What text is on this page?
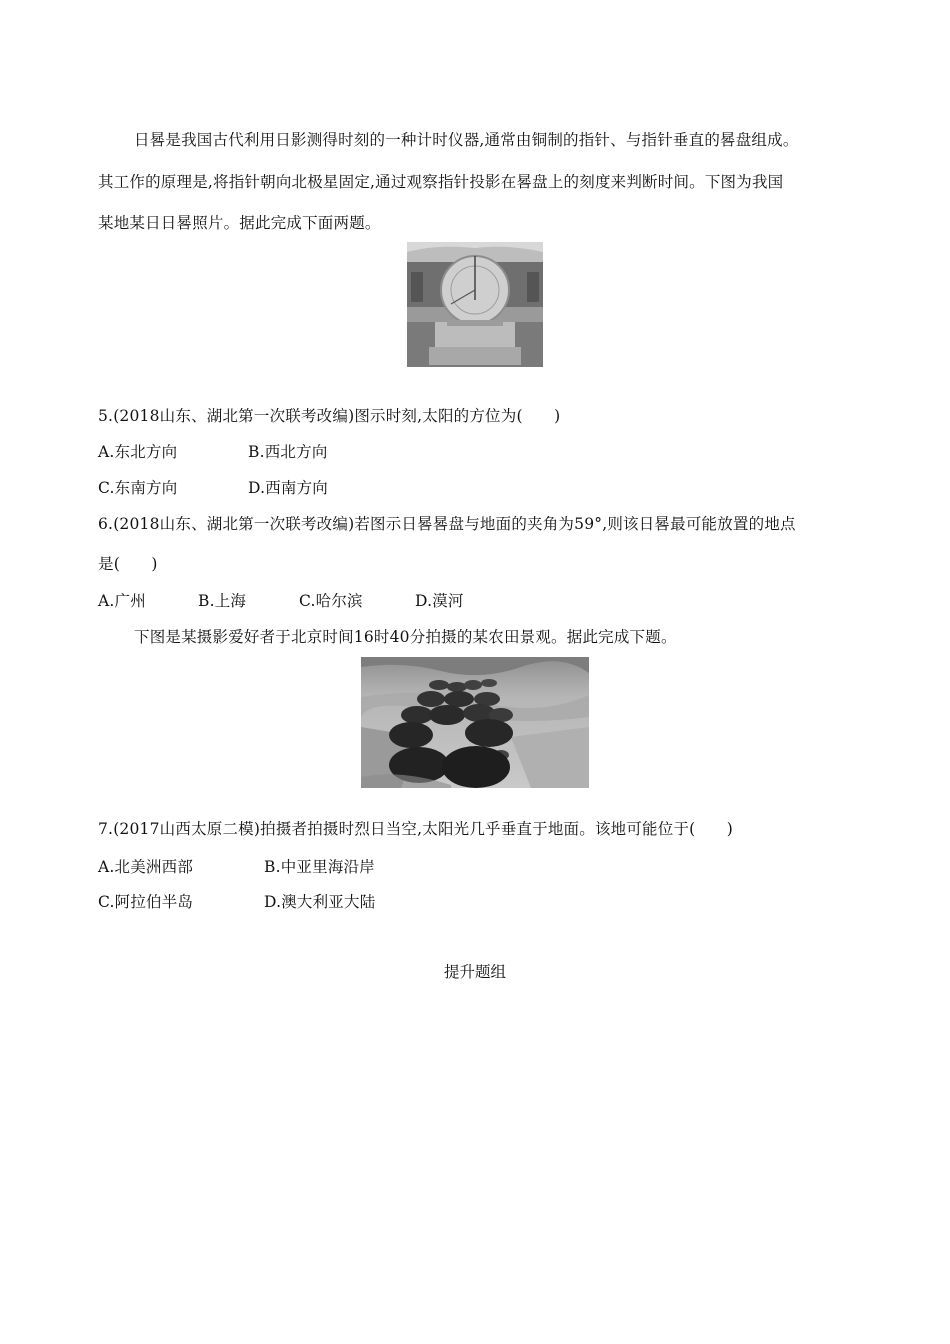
日晷是我国古代利用日影测得时刻的一种计时仪器,通常由铜制的指针、与指针垂直的晷盘组成。
其工作的原理是,将指针朝向北极星固定,通过观察指针投影在晷盘上的刻度来判断时间。下图为我国
某地某日日晷照片。据此完成下面两题。
5.(2018山东、湖北第一次联考改编)图示时刻,太阳的方位为(　　)
A.东北方向	B.西北方向
C.东南方向	D.西南方向
6.(2018山东、湖北第一次联考改编)若图示日晷晷盘与地面的夹角为59°,则该日晷最可能放置的地点
是(　　)
A.广州	B.上海	C.哈尔滨	D.漠河
下图是某摄影爱好者于北京时间16时40分拍摄的某农田景观。据此完成下题。
7.(2017山西太原二模)拍摄者拍摄时烈日当空,太阳光几乎垂直于地面。该地可能位于(　　)
A.北美洲西部	B.中亚里海沿岸
C.阿拉伯半岛	D.澳大利亚大陆
提升题组
